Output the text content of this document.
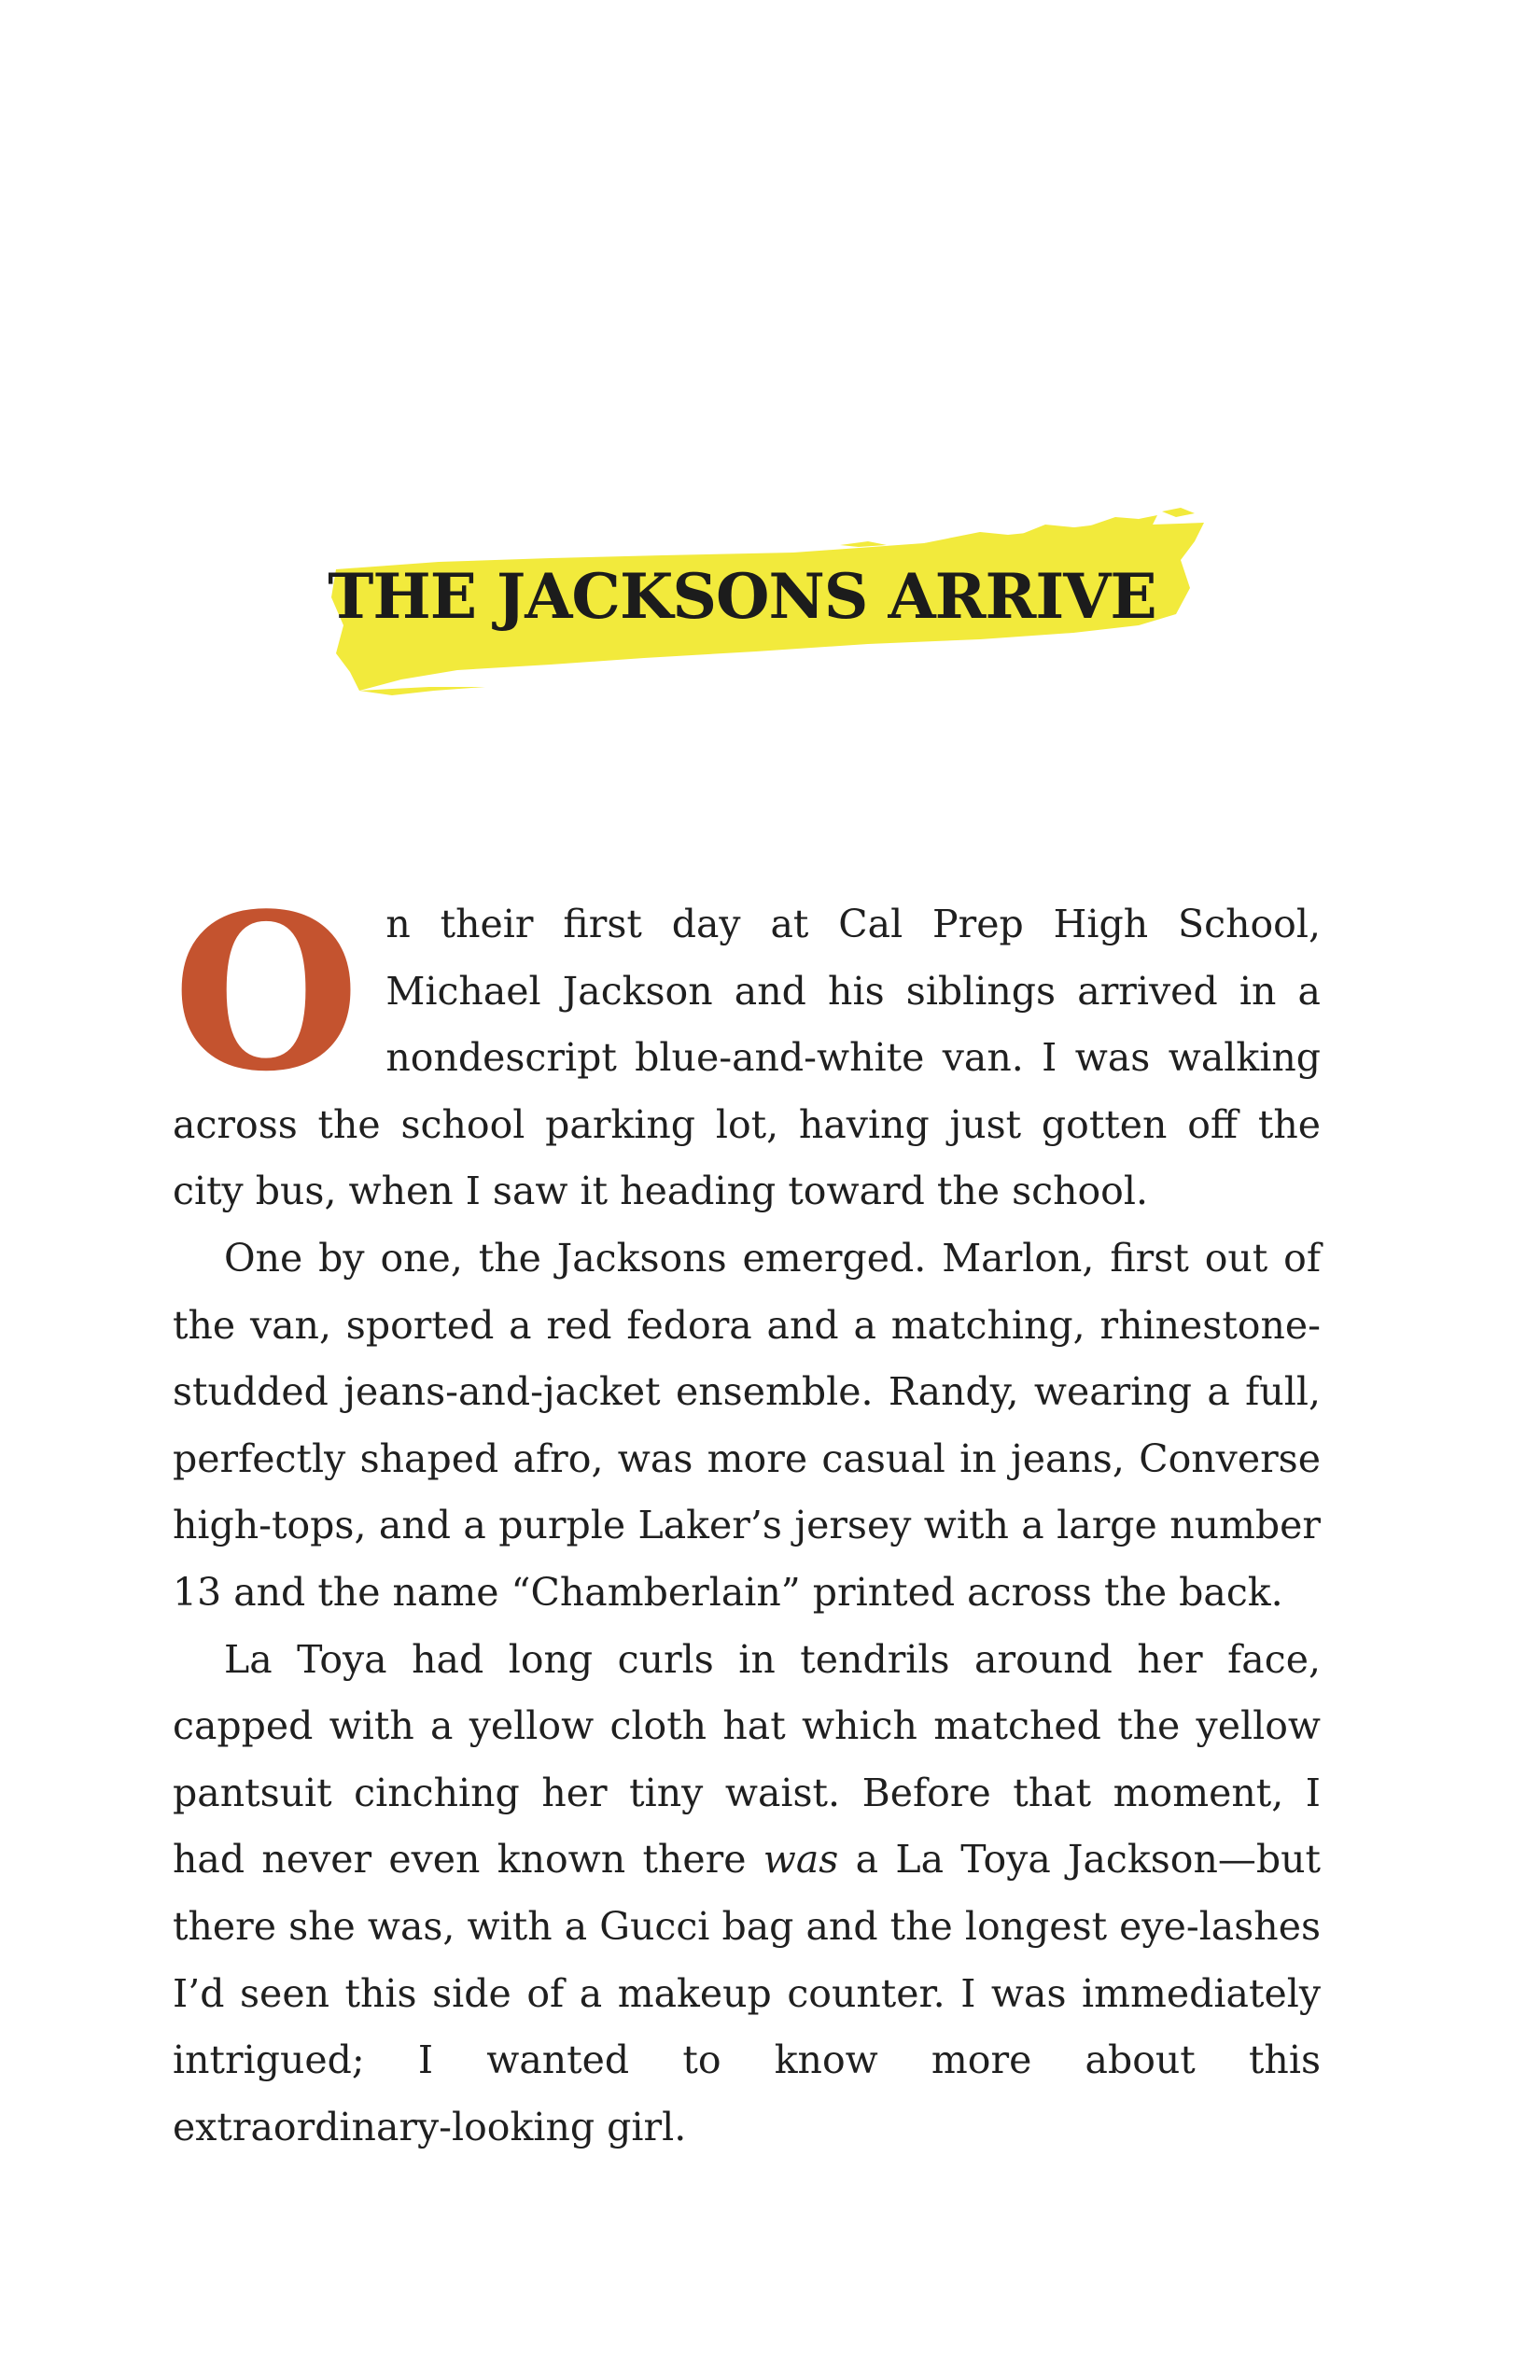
THE JACKSONS ARRIVE

On their first day at Cal Prep High School, Michael Jackson and his siblings arrived in a nondescript blue-and-white van. I was walking across the school parking lot, having just gotten off the city bus, when I saw it heading toward the school.

One by one, the Jacksons emerged. Marlon, first out of the van, sported a red fedora and a matching, rhinestone-studded jeans-and-jacket ensemble. Randy, wearing a full, perfectly shaped afro, was more casual in jeans, Converse high-tops, and a purple Laker’s jersey with a large number 13 and the name “Chamberlain” printed across the back.

La Toya had long curls in tendrils around her face, capped with a yellow cloth hat which matched the yellow pantsuit cinching her tiny waist. Before that moment, I had never even known there was a La Toya Jackson—but there she was, with a Gucci bag and the longest eye-lashes I’d seen this side of a makeup counter. I was immediately intrigued; I wanted to know more about this extraordinary-looking girl.
